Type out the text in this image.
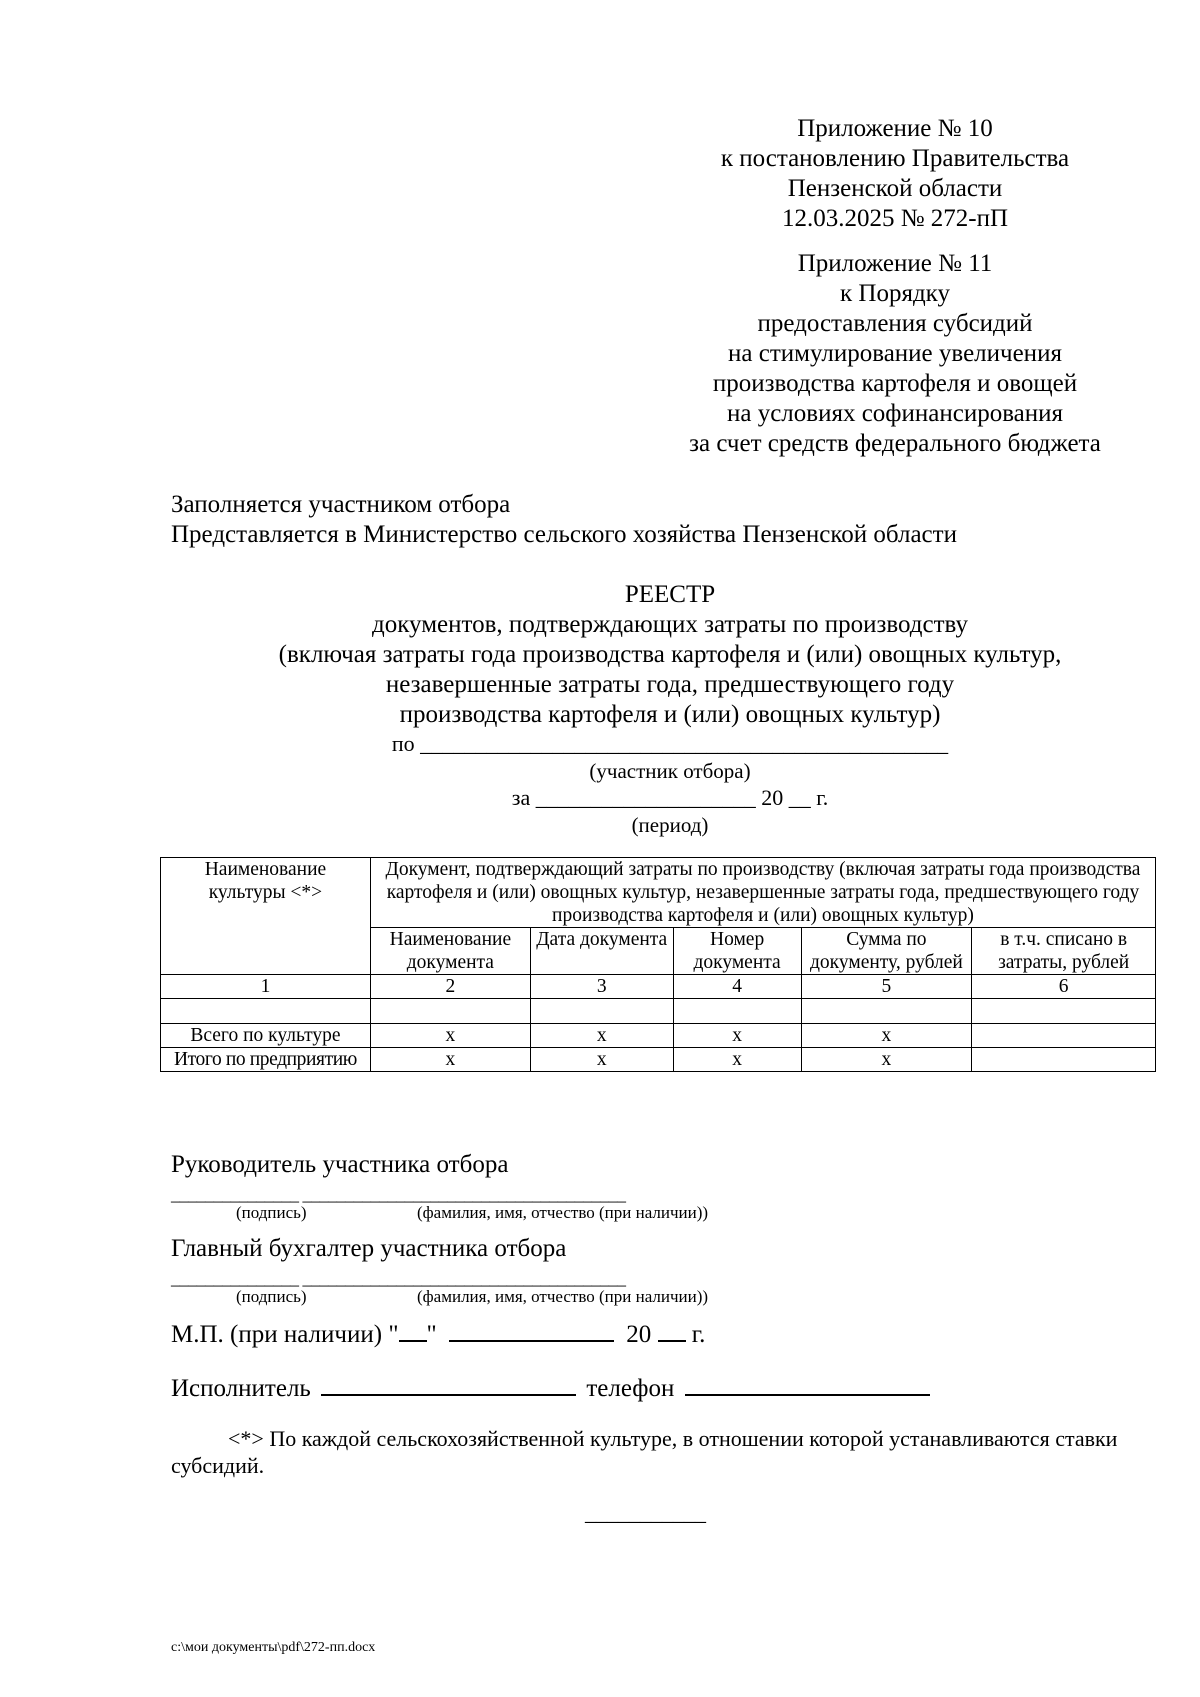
Приложение № 10
к постановлению Правительства
Пензенской области
12.03.2025 № 272-пП
Приложение № 11
к Порядку
предоставления субсидий
на стимулирование увеличения
производства картофеля и овощей
на условиях софинансирования
за счет средств федерального бюджета
Заполняется участником отбора
Представляется в Министерство сельского хозяйства Пензенской области
РЕЕСТР
документов, подтверждающих затраты по производству
(включая затраты года производства картофеля и (или) овощных культур,
незавершенные затраты года, предшествующего году
производства картофеля и (или) овощных культур)
по ________________________________________________
(участник отбора)
за ____________________ 20 __ г.
(период)
Наименование культуры <*>	Документ, подтверждающий затраты по производству (включая затраты года производства картофеля и (или) овощных культур, незавершенные затраты года, предшествующего году производства картофеля и (или) овощных культур)				
	Наименование документа	Дата документа	Номер документа	Сумма по документу, рублей	в т.ч. списано в затраты, рублей
1	2	3	4	5	6

Всего по культуре	х	х	х	х	
Итого по предприятию	х	х	х	х	
Руководитель участника отбора
_______________ ______________________________________
(подпись)	(фамилия, имя, отчество (при наличии))
Главный бухгалтер участника отбора
_______________ ______________________________________
(подпись)	(фамилия, имя, отчество (при наличии))
М.П. (при наличии) " "	20 г.
Исполнитель	телефон
<*> По каждой сельскохозяйственной культуре, в отношении которой устанавливаются ставки субсидий.
___________
c:\мои документы\pdf\272-пп.docx
